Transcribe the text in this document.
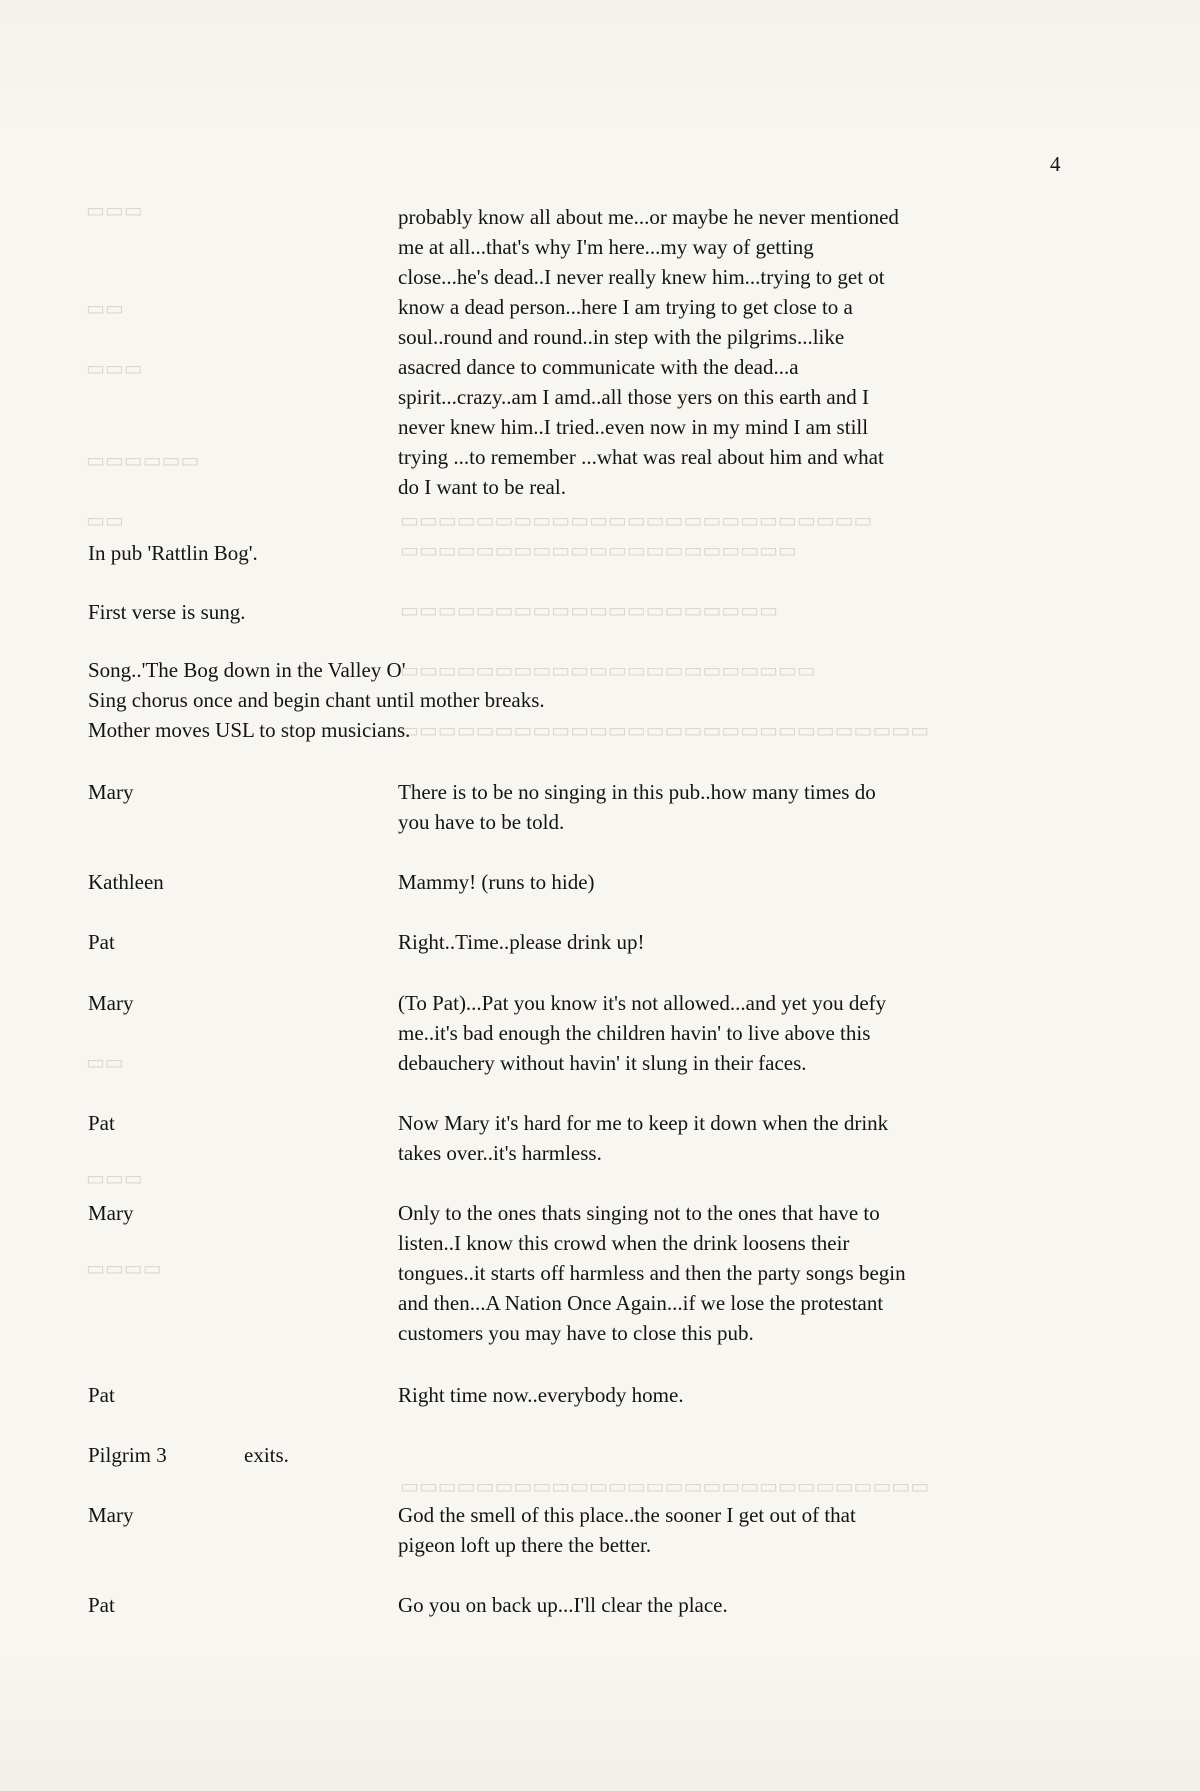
▭▭▭
▭▭
▭▭▭
▭▭▭▭▭▭
▭▭	▭▭▭▭▭▭▭▭▭▭▭▭▭▭▭▭▭▭▭▭▭▭▭▭▭
▭▭▭▭▭▭▭▭▭▭▭▭▭▭▭▭▭▭▭▭▭
▭▭▭▭▭▭▭▭▭▭▭▭▭▭▭▭▭▭▭▭
▭▭▭▭▭▭▭▭▭▭▭▭▭▭▭▭▭▭▭▭▭▭
▭▭▭▭▭▭▭▭▭▭▭▭▭▭▭▭▭▭▭▭▭▭▭▭▭▭▭▭
▭▭
▭▭▭
▭▭▭▭
▭▭▭▭▭▭▭▭▭▭▭▭▭▭▭▭▭▭▭▭▭▭▭▭▭▭▭▭
4

probably know all about me...or maybe he never mentioned

me at all...that's why I'm here...my way of getting

close...he's dead..I never really knew him...trying to get ot

know a dead person...here I am trying to get close to a

soul..round and round..in step with the pilgrims...like

asacred dance to communicate with the dead...a

spirit...crazy..am I amd..all those yers on this earth and I

never knew him..I tried..even now in my mind I am still

trying ...to remember ...what was real about him and what

do I want to be real.

In pub 'Rattlin Bog'.
First verse is sung.
Song..'The Bog down in the Valley O'
Sing chorus once and begin chant until mother breaks.
Mother moves USL to stop musicians.
Mary	There is to be no singing in this pub..how many times do

you have to be told.

Kathleen	Mammy! (runs to hide)

Pat	Right..Time..please drink up!

Mary	(To Pat)...Pat you know it's not allowed...and yet you defy

me..it's bad enough the children havin' to live above this

debauchery without havin' it slung in their faces.

Pat	Now Mary it's hard for me to keep it down when the drink

takes over..it's harmless.

Mary	Only to the ones thats singing not to the ones that have to

listen..I know this crowd when the drink loosens their

tongues..it starts off harmless and then the party songs begin

and then...A Nation Once Again...if we lose the protestant

customers you may have to close this pub.

Pat	Right time now..everybody home.

Pilgrim 3	exits.
Mary	God the smell of this place..the sooner I get out of that

pigeon loft up there the better.

Pat	Go you on back up...I'll clear the place.
